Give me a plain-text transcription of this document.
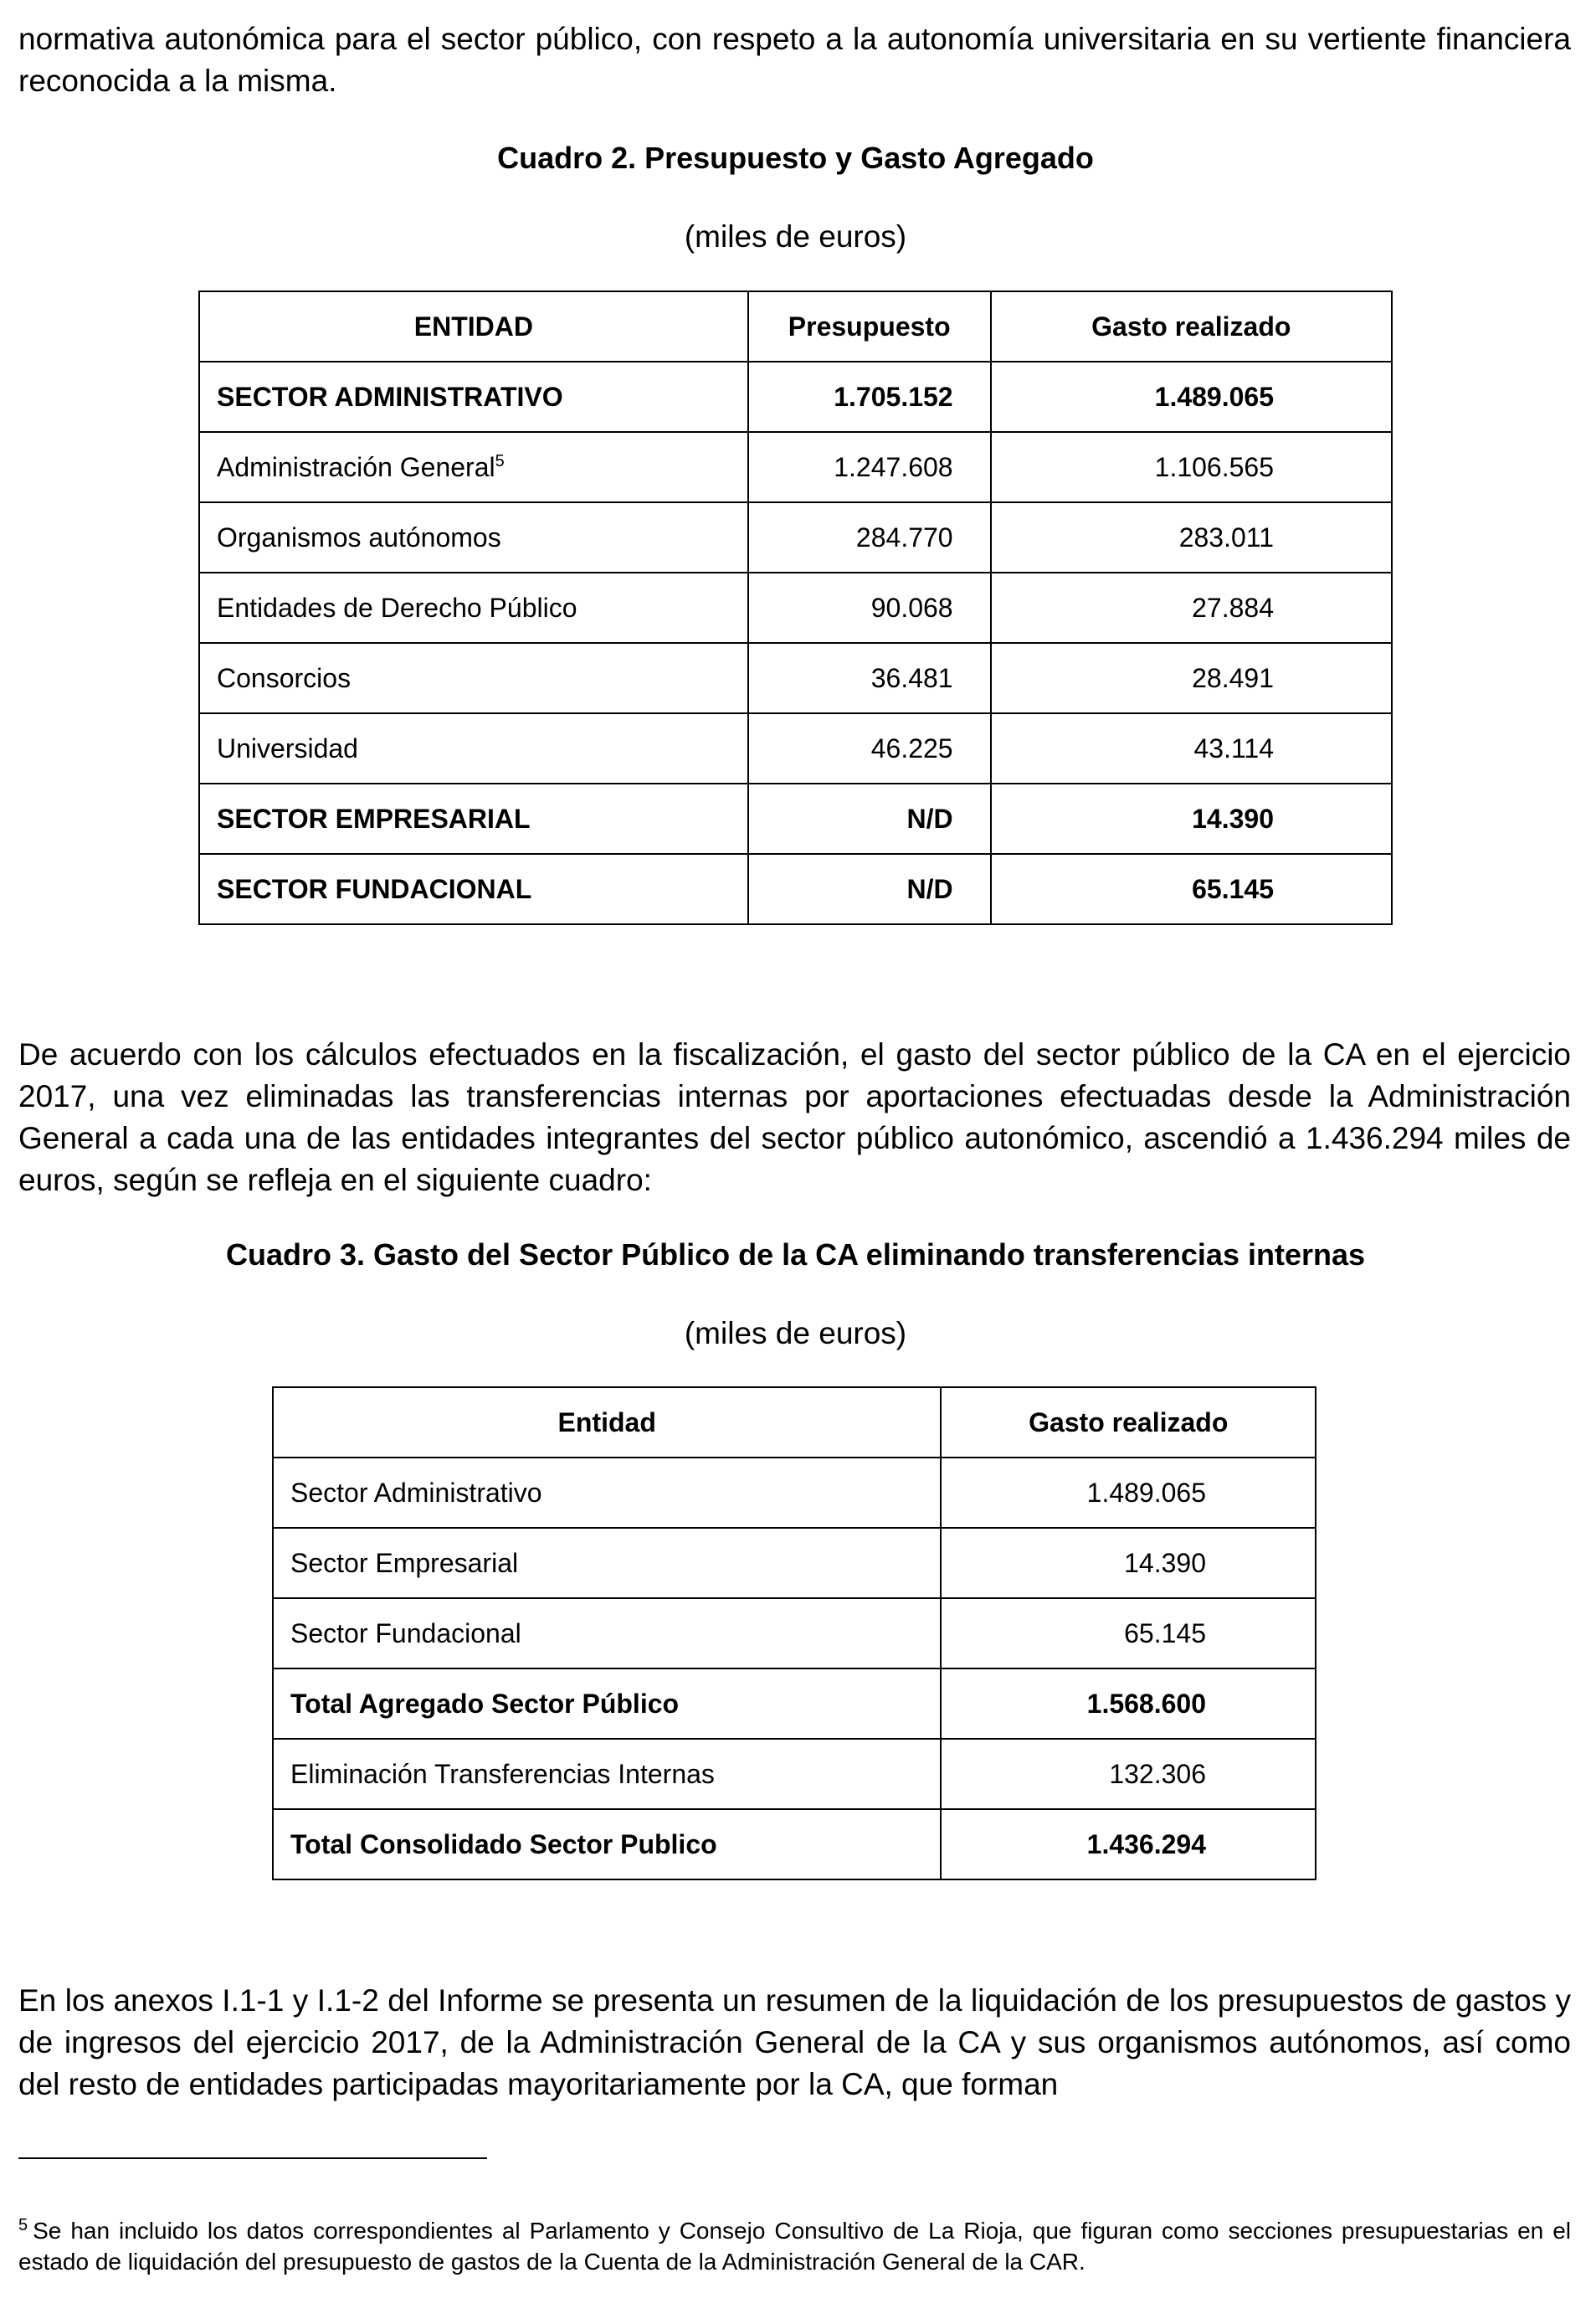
normativa autonómica para el sector público, con respeto a la autonomía universitaria en su vertiente financiera reconocida a la misma.

Cuadro 2. Presupuesto y Gasto Agregado

(miles de euros)

ENTIDAD	Presupuesto	Gasto realizado
SECTOR ADMINISTRATIVO	1.705.152	1.489.065
Administración General$^5$	1.247.608	1.106.565
Organismos autónomos	284.770	283.011
Entidades de Derecho Público	90.068	27.884
Consorcios	36.481	28.491
Universidad	46.225	43.114
SECTOR EMPRESARIAL	N/D	14.390
SECTOR FUNDACIONAL	N/D	65.145

De acuerdo con los cálculos efectuados en la fiscalización, el gasto del sector público de la CA en el ejercicio 2017, una vez eliminadas las transferencias internas por aportaciones efectuadas desde la Administración General a cada una de las entidades integrantes del sector público autonómico, ascendió a 1.436.294 miles de euros, según se refleja en el siguiente cuadro:

Cuadro 3. Gasto del Sector Público de la CA eliminando transferencias internas

(miles de euros)

Entidad	Gasto realizado
Sector Administrativo	1.489.065
Sector Empresarial	14.390
Sector Fundacional	65.145
Total Agregado Sector Público	1.568.600
Eliminación Transferencias Internas	132.306
Total Consolidado Sector Publico	1.436.294

En los anexos I.1-1 y I.1-2 del Informe se presenta un resumen de la liquidación de los presupuestos de gastos y de ingresos del ejercicio 2017, de la Administración General de la CA y sus organismos autónomos, así como del resto de entidades participadas mayoritariamente por la CA, que forman

$^5$ Se han incluido los datos correspondientes al Parlamento y Consejo Consultivo de La Rioja, que figuran como secciones presupuestarias en el estado de liquidación del presupuesto de gastos de la Cuenta de la Administración General de la CAR.
